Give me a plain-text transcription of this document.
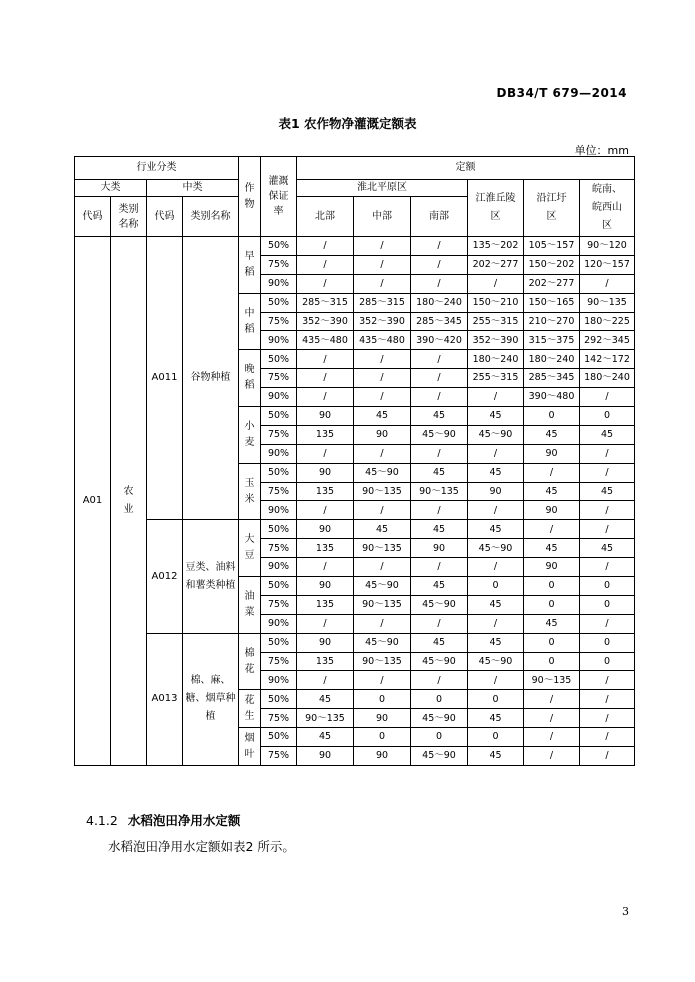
DB34/T 679—2014
表1 农作物净灌溉定额表
单位：mm
行业分类				作物	灌溉保证率	定额					
						淮北平原区			江淮丘陵区	沿江圩区	皖南、皖西山区
大类		中类									
代码	类别名称	代码	类别名称			北部	中部	南部			
A01	农业	A011	谷物种植	早稻	50%	/	/	/	135～202	105～157	90～120
					75%	/	/	/	202～277	150～202	120～157
					90%	/	/	/	/	202～277	/
				中稻	50%	285～315	285～315	180～240	150～210	150～165	90～135
					75%	352～390	352～390	285～345	255～315	210～270	180～225
					90%	435～480	435～480	390～420	352～390	315～375	292～345
				晚稻	50%	/	/	/	180～240	180～240	142～172
					75%	/	/	/	255～315	285～345	180～240
					90%	/	/	/	/	390～480	/
				小麦	50%	90	45	45	45	0	0
					75%	135	90	45～90	45～90	45	45
					90%	/	/	/	/	90	/
				玉米	50%	90	45～90	45	45	/	/
					75%	135	90～135	90～135	90	45	45
					90%	/	/	/	/	90	/
		A012	豆类、油料和薯类种植	大豆	50%	90	45	45	45	/	/
					75%	135	90～135	90	45～90	45	45
					90%	/	/	/	/	90	/
				油菜	50%	90	45～90	45	0	0	0
					75%	135	90～135	45～90	45	0	0
					90%	/	/	/	/	45	/
		A013	棉、麻、糖、烟草种植	棉花	50%	90	45～90	45	45	0	0
					75%	135	90～135	45～90	45～90	0	0
					90%	/	/	/	/	90～135	/
				花生	50%	45	0	0	0	/	/
					75%	90～135	90	45～90	45	/	/
				烟叶	50%	45	0	0	0	/	/
					75%	90	90	45～90	45	/	/
4.1.2 水稻泡田净用水定额
水稻泡田净用水定额如表2 所示。
3
